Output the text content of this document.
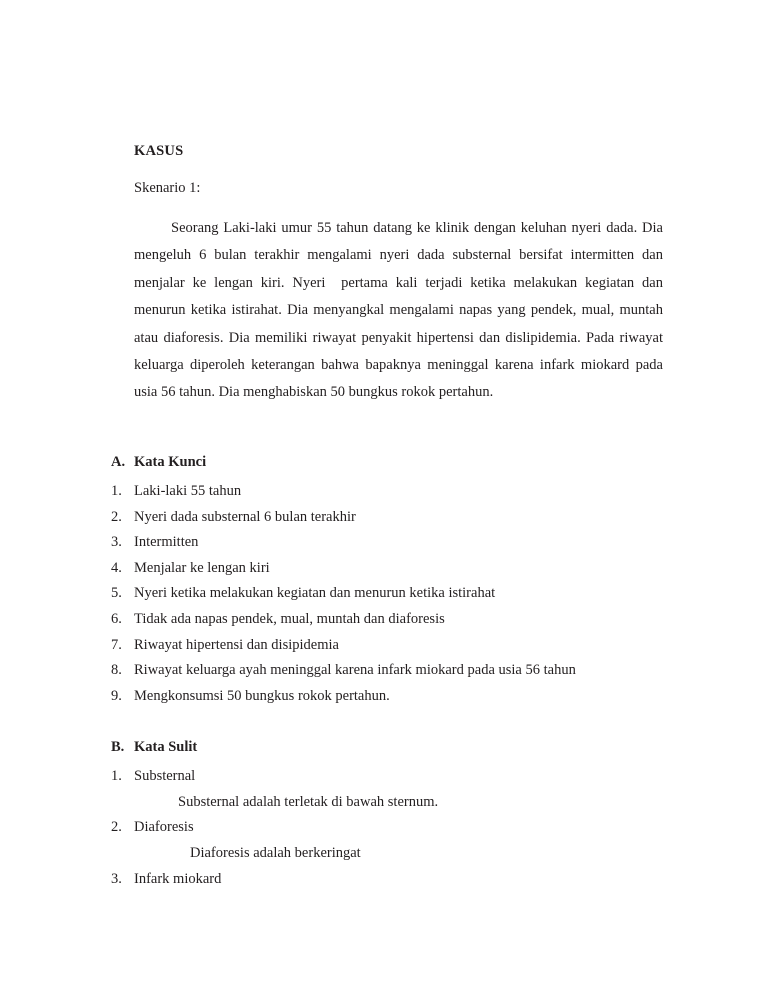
KASUS
Skenario 1:
Seorang Laki-laki umur 55 tahun datang ke klinik dengan keluhan nyeri dada. Dia mengeluh 6 bulan terakhir mengalami nyeri dada substernal bersifat intermitten dan menjalar ke lengan kiri. Nyeri  pertama kali terjadi ketika melakukan kegiatan dan menurun ketika istirahat. Dia menyangkal mengalami napas yang pendek, mual, muntah atau diaforesis. Dia memiliki riwayat penyakit hipertensi dan dislipidemia. Pada riwayat keluarga diperoleh keterangan bahwa bapaknya meninggal karena infark miokard pada usia 56 tahun. Dia menghabiskan 50 bungkus rokok pertahun.
A. Kata Kunci
1. Laki-laki 55 tahun
2. Nyeri dada substernal 6 bulan terakhir
3. Intermitten
4. Menjalar ke lengan kiri
5. Nyeri ketika melakukan kegiatan dan menurun ketika istirahat
6. Tidak ada napas pendek, mual, muntah dan diaforesis
7. Riwayat hipertensi dan disipidemia
8. Riwayat keluarga ayah meninggal karena infark miokard pada usia 56 tahun
9. Mengkonsumsi 50 bungkus rokok pertahun.
B. Kata Sulit
1. Substernal
Substernal adalah terletak di bawah sternum.
2. Diaforesis
Diaforesis adalah berkeringat
3. Infark miokard
